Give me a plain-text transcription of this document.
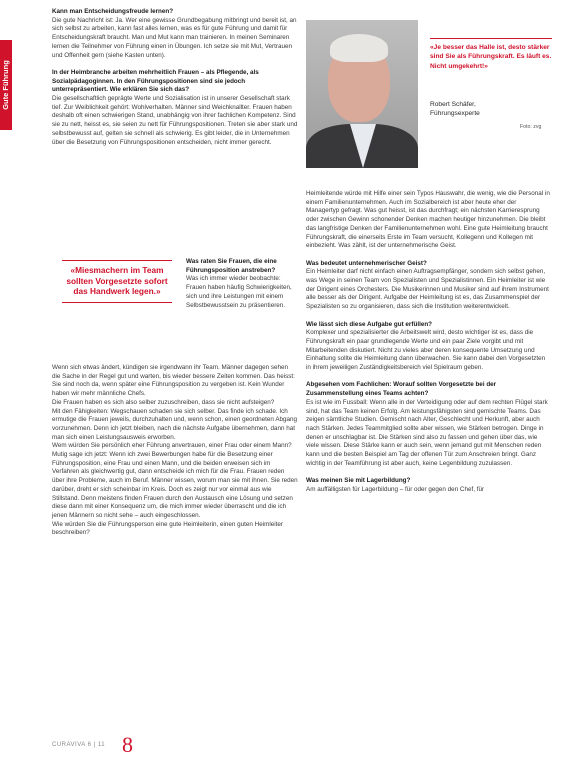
Gute Führung

Kann man Entscheidungsfreude lernen?

Die gute Nachricht ist: Ja. Wer eine gewisse Grundbegabung mitbringt und bereit ist, an sich selbst zu arbeiten, kann fast alles lernen, was es für gute Führung und damit für Entscheidungskraft braucht. Man und Mut kann man trainieren. In meinen Seminaren lernen die Teilnehmer von Führung einen in Übungen. Ich setze sie mit Mut, Vertrauen und Offenheit gern (siehe Kasten unten).

In der Heimbranche arbeiten mehrheitlich Frauen – als Pflegende, als Sozialpädagoginnen. In den Führungspositionen sind sie jedoch unterrepräsentiert. Wie erklären Sie sich das?

Die gesellschaftlich geprägte Werte und Sozialisation ist in unserer Gesellschaft stark tief. Zur Weiblichkeit gehört: Wohlverhalten. Männer sind Weichknallter. Frauen haben deshalb oft einen schwierigen Stand, unabhängig von ihrer fachlichen Kompetenz. Sind sie zu nett, heisst es, sie seien zu nett für Führungspositionen. Treten sie aber stark und selbstbewusst auf, gelten sie schnell als schwierig. Es gibt leider, die in Unternehmen über die Besetzung von Führungspositionen entscheiden, nicht immer gerecht.

«Miesmachern im Team sollten Vorgesetzte sofort das Handwerk legen.»

Was raten Sie Frauen, die eine Führungsposition anstreben?

Was ich immer wieder beobachte: Frauen haben häufig Schwierigkeiten, sich und ihre Leistungen mit einem Selbstbewusstsein zu präsentieren.

Wenn sich etwas ändert, kündigen sie irgendwann ihr Team. Männer dagegen sehen die Sache in der Regel gut und warten, bis wieder bessere Zeiten kommen. Das heisst: Sie sind noch da, wenn später eine Führungsposition zu vergeben ist. Kein Wunder haben wir mehr männliche Chefs.

Die Frauen haben es sich also selber zuzuschreiben, dass sie nicht aufsteigen?

Mit den Fähigkeiten: Wegschauen schaden sie sich selber. Das finde ich schade. Ich ermutige die Frauen jeweils, durchzuhalten und, wenn schon, einen geordneten Abgang vorzunehmen. Denn ich jetzt bleiben, nach die nächste Aufgabe übernehmen, dann hat man sich einen Leistungsausweis erworben.

Wem würden Sie persönlich eher Führung anvertrauen, einer Frau oder einem Mann?

Mutig sage ich jetzt: Wenn ich zwei Bewerbungen habe für die Besetzung einer Führungsposition, eine Frau und einen Mann, und die beiden erweisen sich im Verfahren als gleichwertig gut, dann entscheide ich mich für die Frau. Frauen reden über ihre Probleme, auch im Beruf. Männer wissen, worum man sie mit ihnen. Sie reden darüber, dreht er sich scheinbar im Kreis. Doch es zeigt nur vor einmal aus wie Stillstand. Denn meistens finden Frauen durch den Austausch eine Lösung und setzen diese dann mit einer Konsequenz um, die mich immer wieder überrascht und die ich jenen Männern so nicht sehe – auch eingeschlossen.

Wie würden Sie die Führungsperson eine gute Heimleiterin, einen guten Heimleiter beschreiben?

«Je besser das Halle ist, desto stärker sind Sie als Führungskraft. Es läuft es. Nicht umgekehrt!»
Robert Schäfer,
Führungsexperte
Foto: zvg

Heimleitende würde mit Hilfe einer sein Typos Hauswahr, die wenig, wie die Personal in einem Familienunternehmen. Auch im Sozialbereich ist aber heute eher der Managertyp gefragt. Was gut heisst, ist das durchfragt; ein nächsten Karrieresprung oder zwischen Gewinn schonender Denken machen heutiger hinzunehmen. Die bleibt das langfristige Denken der Familienunternehmen wohl. Eine gute Heimleitung braucht Führungskraft, die einerseits Erste im Team versucht, Kollegenn und Kollegen mit einbezieht. Was zählt, ist der unternehmerische Geist.

Was bedeutet unternehmerischer Geist?

Ein Heimleiter darf nicht einfach einen Auftragsempfänger, sondern sich selbst gehen, was Wege in seinen Team von Spezialisten und Spezialistinnen. Ein Heimleiter ist wie der Dirigent eines Orchesters. Die Musikerinnen und Musiker sind auf ihrem Instrument alle besser als der Dirigent. Aufgabe der Heimleitung ist es, das Zusammenspiel der Spezialisten so zu organisieren, dass sich die Institution weiterentwickelt.

Wie lässt sich diese Aufgabe gut erfüllen?

Komplexer und spezialisierter die Arbeitswelt wird, desto wichtiger ist es, dass die Führungskraft ein paar grundlegende Werte und ein paar Ziele vorgibt und mit Mitarbeitenden diskutiert. Nicht zu vieles aber deren konsequente Umsetzung und Einhaltung sollte die Heimleitung dann überwachen. Sie kann dabei den Vorgesetzten in ihrem jeweiligen Zuständigkeitsbereich viel Spielraum geben.

Abgesehen vom Fachlichen: Worauf sollten Vorgesetzte bei der Zusammenstellung eines Teams achten?

Es ist wie im Fussball: Wenn alle in der Verteidigung oder auf dem rechten Flügel stark sind, hat das Team keinen Erfolg. Am leistungsfähigsten sind gemischte Teams. Das zeigen sämtliche Studien. Gemischt nach Alter, Geschlecht und Herkunft, aber auch nach Stärken. Jedes Teammitglied sollte aber wissen, wie Stärken betrogen. Dinge in denen er unschlagbar ist. Die Stärken sind also zu fassen und gehen über das, wie viele wissen. Diese Stärke kann er auch sein, wenn jemand gut mit Menschen reden kann und die besten Beispiel am Tag der offenen Tür zum Anschreien bringt. Ganz wichtig in der Teamführung ist aber auch, keine Legenbildung zuzulassen.

Was meinen Sie mit Lagerbildung?

Am auffälligsten für Lagerbildung – für oder gegen den Chef, für

CURAVIVA 6 | 11 8
